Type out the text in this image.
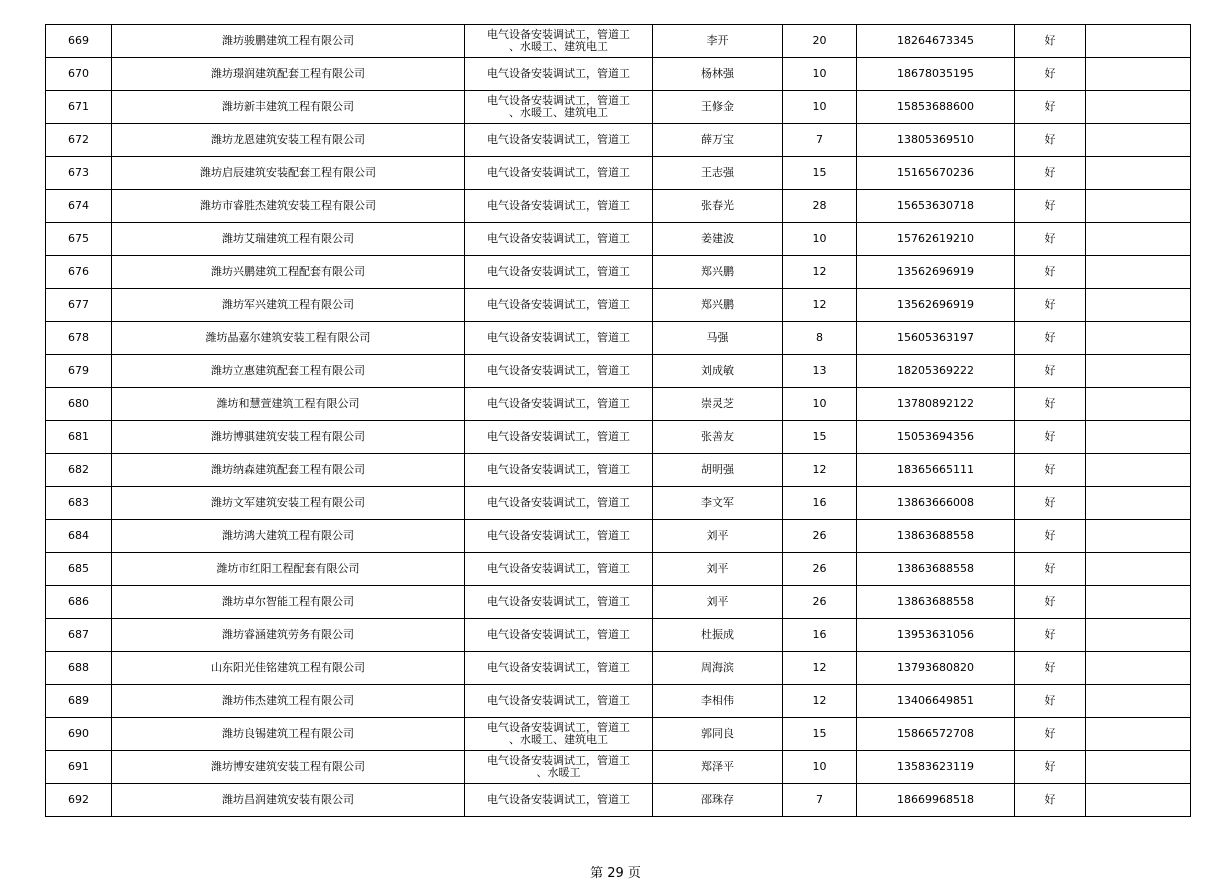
669	潍坊骏鹏建筑工程有限公司	电气设备安装调试工，管道工
、水暖工、建筑电工	李开	20	18264673345	好	
670	潍坊璟润建筑配套工程有限公司	电气设备安装调试工，管道工	杨林强	10	18678035195	好	
671	潍坊新丰建筑工程有限公司	电气设备安装调试工，管道工
、水暖工、建筑电工	王修金	10	15853688600	好	
672	潍坊龙恩建筑安装工程有限公司	电气设备安装调试工，管道工	薛万宝	7	13805369510	好	
673	潍坊启辰建筑安装配套工程有限公司	电气设备安装调试工，管道工	王志强	15	15165670236	好	
674	潍坊市睿胜杰建筑安装工程有限公司	电气设备安装调试工，管道工	张春光	28	15653630718	好	
675	潍坊艾瑞建筑工程有限公司	电气设备安装调试工，管道工	姜建波	10	15762619210	好	
676	潍坊兴鹏建筑工程配套有限公司	电气设备安装调试工，管道工	郑兴鹏	12	13562696919	好	
677	潍坊军兴建筑工程有限公司	电气设备安装调试工，管道工	郑兴鹏	12	13562696919	好	
678	潍坊晶嘉尔建筑安装工程有限公司	电气设备安装调试工，管道工	马强	8	15605363197	好	
679	潍坊立惠建筑配套工程有限公司	电气设备安装调试工，管道工	刘成敏	13	18205369222	好	
680	潍坊和慧萱建筑工程有限公司	电气设备安装调试工，管道工	崇灵芝	10	13780892122	好	
681	潍坊博骐建筑安装工程有限公司	电气设备安装调试工，管道工	张善友	15	15053694356	好	
682	潍坊纳森建筑配套工程有限公司	电气设备安装调试工，管道工	胡明强	12	18365665111	好	
683	潍坊文军建筑安装工程有限公司	电气设备安装调试工，管道工	李文军	16	13863666008	好	
684	潍坊鸿大建筑工程有限公司	电气设备安装调试工，管道工	刘平	26	13863688558	好	
685	潍坊市红阳工程配套有限公司	电气设备安装调试工，管道工	刘平	26	13863688558	好	
686	潍坊卓尔智能工程有限公司	电气设备安装调试工，管道工	刘平	26	13863688558	好	
687	潍坊睿涵建筑劳务有限公司	电气设备安装调试工，管道工	杜振成	16	13953631056	好	
688	山东阳光佳铭建筑工程有限公司	电气设备安装调试工，管道工	周海滨	12	13793680820	好	
689	潍坊伟杰建筑工程有限公司	电气设备安装调试工，管道工	李相伟	12	13406649851	好	
690	潍坊良锡建筑工程有限公司	电气设备安装调试工，管道工
、水暖工、建筑电工	郭同良	15	15866572708	好	
691	潍坊博安建筑安装工程有限公司	电气设备安装调试工，管道工
、水暖工	郑泽平	10	13583623119	好	
692	潍坊昌润建筑安装有限公司	电气设备安装调试工，管道工	邵珠存	7	18669968518	好	
第 29 页
